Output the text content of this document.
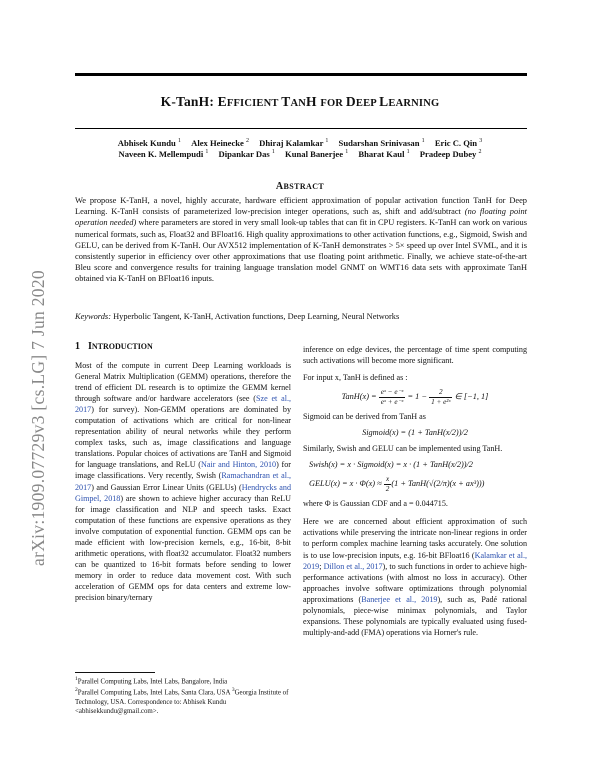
K-TanH: EFFICIENT TANH FOR DEEP LEARNING
Abhisek Kundu $^1$ Alex Heinecke $^2$ Dhiraj Kalamkar $^1$ Sudarshan Srinivasan $^1$ Eric C. Qin $^3$
Naveen K. Mellempudi $^1$ Dipankar Das $^1$ Kunal Banerjee $^1$ Bharat Kaul $^1$ Pradeep Dubey $^2$
ABSTRACT

We propose K-TanH, a novel, highly accurate, hardware efficient approximation of popular activation function TanH for Deep Learning. K-TanH consists of parameterized low-precision integer operations, such as, shift and add/subtract (no floating point operation needed) where parameters are stored in very small look-up tables that can fit in CPU registers. K-TanH can work on various numerical formats, such as, Float32 and BFloat16. High quality approximations to other activation functions, e.g., Sigmoid, Swish and GELU, can be derived from K-TanH. Our AVX512 implementation of K-TanH demonstrates > 5× speed up over Intel SVML, and it is consistently superior in efficiency over other approximations that use floating point arithmetic. Finally, we achieve state-of-the-art Bleu score and convergence results for training language translation model GNMT on WMT16 data sets with approximate TanH obtained via K-TanH on BFloat16 inputs.

Keywords: Hyperbolic Tangent, K-TanH, Activation functions, Deep Learning, Neural Networks

arXiv:1909.07729v3 [cs.LG] 7 Jun 2020	1 INTRODUCTION

Most of the compute in current Deep Learning workloads is General Matrix Multiplication (GEMM) operations, therefore the trend of efficient DL research is to optimize the GEMM kernel through software and/or hardware accelerators (see (Sze et al., 2017) for survey). Non-GEMM operations are dominated by computation of activations which are critical for non-linear representation ability of neural networks while they perform complex tasks, such as, image classifications and language translations. Popular choices of activations are TanH and Sigmoid for language translations, and ReLU (Nair and Hinton, 2010) for image classifications. Very recently, Swish (Ramachandran et al., 2017) and Gaussian Error Linear Units (GELUs) (Hendrycks and Gimpel, 2018) are shown to achieve higher accuracy than ReLU for image classification and NLP and speech tasks. Exact computation of these functions are expensive operations as they involve computation of exponential function. GEMM ops can be made efficient with low-precision kernels, e.g., 16-bit, 8-bit arithmetic operations, with float32 accumulator. Float32 numbers can be quantized to 16-bit formats before sending to lower memory in order to reduce data movement cost. With such acceleration of GEMM ops for data centers and extreme low-precision binary/ternary

$^1$Parallel Computing Labs, Intel Labs, Bangalore, India

$^2$Parallel Computing Labs, Intel Labs, Santa Clara, USA $^3$Georgia Institute of Technology, USA. Correspondence to: Abhisek Kundu <abhisekkundu@gmail.com>.

inference on edge devices, the percentage of time spent computing such activations will become more significant.

For input x, TanH is defined as :

TanH(x) = $\frac{\text{eˣ − e⁻ˣ}}{\text{eˣ + e⁻ˣ}} = 1 - \frac{2}{\text{1 + e²ˣ}}$ ∈ [−1, 1]

Sigmoid can be derived from TanH as

Sigmoid(x) = (1 + TanH(x/2))/2

Similarly, Swish and GELU can be implemented using TanH.

Swish(x) = x · Sigmoid(x) = x · (1 + TanH(x/2))/2
GELU(x) = $x \cdot \Phi(x) \approx \frac{x}{2} (1$ + TanH(√(2/π)(x + ax³)))

where Φ is Gaussian CDF and a = 0.044715.

Here we are concerned about efficient approximation of such activations while preserving the intricate non-linear regions in order to perform complex machine learning tasks accurately. One solution is to use low-precision inputs, e.g. 16-bit BFloat16 (Kalamkar et al., 2019; Dillon et al., 2017), to such functions in order to achieve high-performance activations (with almost no loss in accuracy). Other approaches involve software optimizations through polynomial approximations (Banerjee et al., 2019), such as, Padé rational polynomials, piece-wise minimax polynomials, and Taylor expansions. These polynomials are typically evaluated using fused-multiply-and-add (FMA) operations via Horner's rule.
